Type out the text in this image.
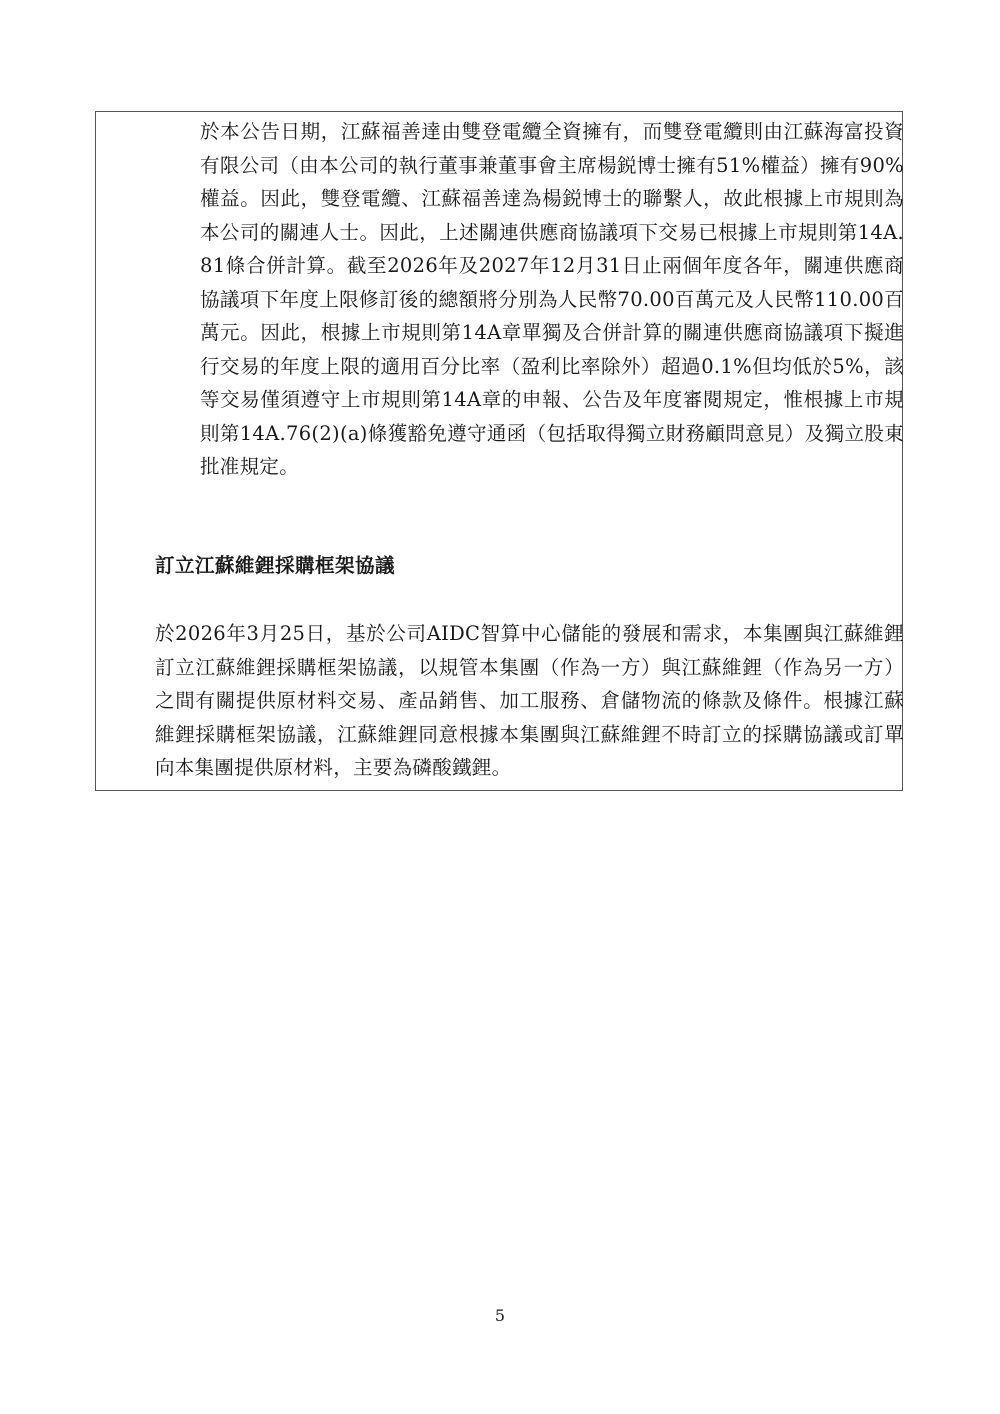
於本公告日期，江蘇福善達由雙登電纜全資擁有，而雙登電纜則由江蘇海富投資有限公司（由本公司的執行董事兼董事會主席楊鋭博士擁有51%權益）擁有90%權益。因此，雙登電纜、江蘇福善達為楊鋭博士的聯繫人，故此根據上市規則為本公司的關連人士。因此，上述關連供應商協議項下交易已根據上市規則第14A.81條合併計算。截至2026年及2027年12月31日止兩個年度各年，關連供應商協議項下年度上限修訂後的總額將分別為人民幣70.00百萬元及人民幣110.00百萬元。因此，根據上市規則第14A章單獨及合併計算的關連供應商協議項下擬進行交易的年度上限的適用百分比率（盈利比率除外）超過0.1%但均低於5%，該等交易僅須遵守上市規則第14A章的申報、公告及年度審閱規定，惟根據上市規則第14A.76(2)(a)條獲豁免遵守通函（包括取得獨立財務顧問意見）及獨立股東批准規定。

訂立江蘇維鋰採購框架協議

於2026年3月25日，基於公司AIDC智算中心儲能的發展和需求，本集團與江蘇維鋰訂立江蘇維鋰採購框架協議，以規管本集團（作為一方）與江蘇維鋰（作為另一方）之間有關提供原材料交易、產品銷售、加工服務、倉儲物流的條款及條件。根據江蘇維鋰採購框架協議，江蘇維鋰同意根據本集團與江蘇維鋰不時訂立的採購協議或訂單向本集團提供原材料，主要為磷酸鐵鋰。

5
